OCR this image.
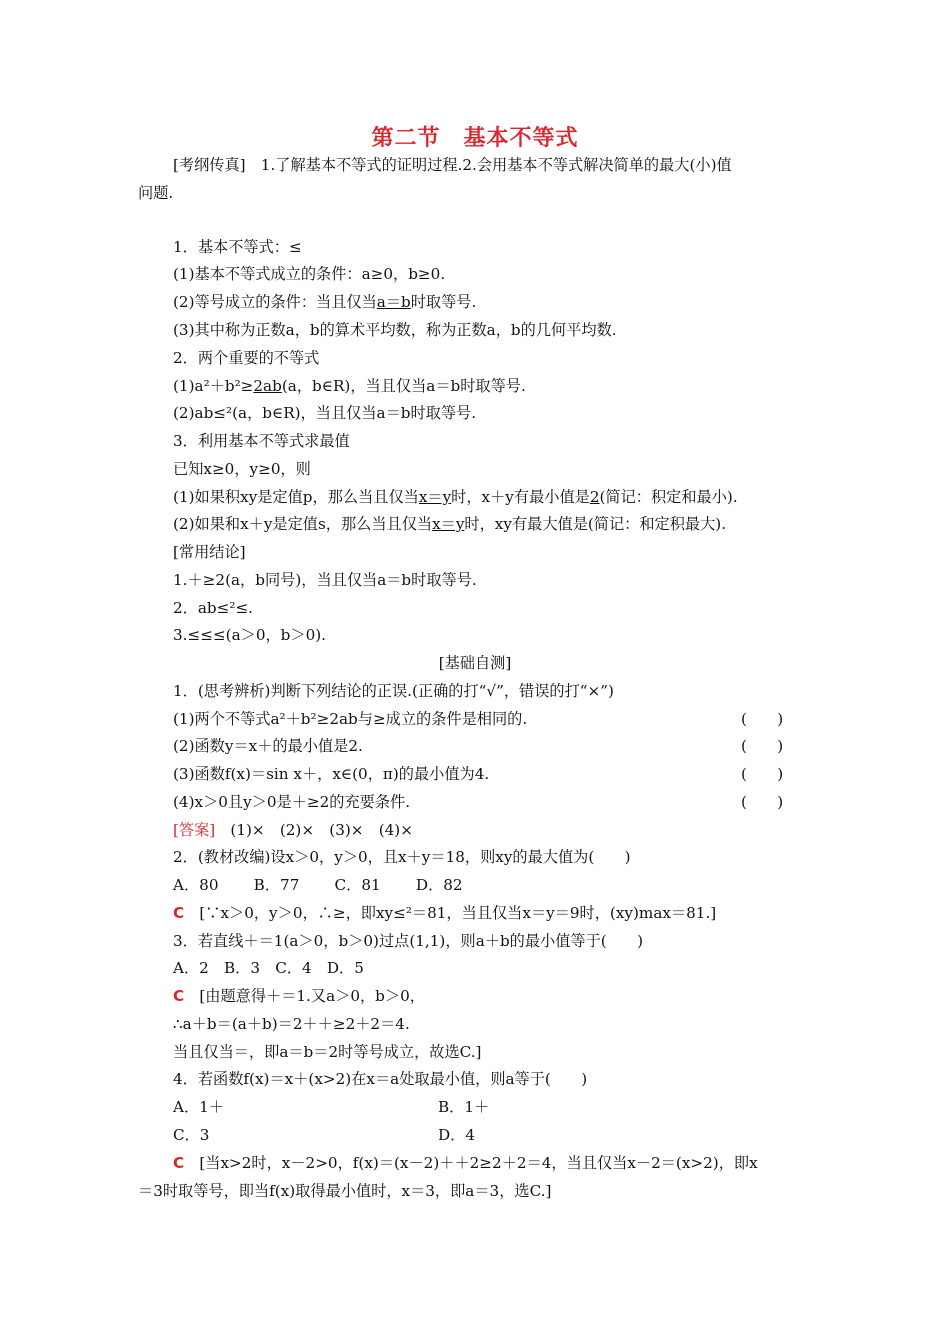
第二节　基本不等式
[考纲传真]　1.了解基本不等式的证明过程.2.会用基本不等式解决简单的最大(小)值
问题.
1．基本不等式：≤
(1)基本不等式成立的条件：a≥0，b≥0.
(2)等号成立的条件：当且仅当a＝b时取等号.
(3)其中称为正数a，b的算术平均数，称为正数a，b的几何平均数.
2．两个重要的不等式
(1)a²＋b²≥2ab(a，b∈R)，当且仅当a＝b时取等号.
(2)ab≤²(a，b∈R)，当且仅当a＝b时取等号.
3．利用基本不等式求最值
已知x≥0，y≥0，则
(1)如果积xy是定值p，那么当且仅当x＝y时，x＋y有最小值是2(简记：积定和最小).
(2)如果和x＋y是定值s，那么当且仅当x＝y时，xy有最大值是(简记：和定积最大).
[常用结论]
1.＋≥2(a，b同号)，当且仅当a＝b时取等号.
2．ab≤²≤.
3.≤≤≤(a＞0，b＞0).
[基础自测]
1．(思考辨析)判断下列结论的正误.(正确的打“√”，错误的打“×”)
(1)两个不等式a²＋b²≥2ab与≥成立的条件是相同的.	(　　)
(2)函数y＝x＋的最小值是2.	(　　)
(3)函数f(x)＝sin x＋，x∈(0，π)的最小值为4.	(　　)
(4)x＞0且y＞0是＋≥2的充要条件.	(　　)
[答案]　(1)×　(2)×　(3)×　(4)×
2．(教材改编)设x＞0，y＞0，且x＋y＝18，则xy的最大值为(　　)
A．80　　 B．77　　 C．81　　 D．82
C　[∵x＞0，y＞0，∴≥，即xy≤²＝81，当且仅当x＝y＝9时，(xy)max＝81.]
3．若直线＋＝1(a＞0，b＞0)过点(1,1)，则a＋b的最小值等于(　　)
A．2　B．3　C．4　D．5
C　[由题意得＋＝1.又a＞0，b＞0，
∴a＋b＝(a＋b)＝2＋＋≥2＋2＝4.
当且仅当＝，即a＝b＝2时等号成立，故选C.]
4．若函数f(x)＝x＋(x>2)在x＝a处取最小值，则a等于(　　)
A．1＋	B．1＋
C．3	D．4
C　[当x>2时，x－2>0，f(x)＝(x－2)＋＋2≥2＋2＝4，当且仅当x－2＝(x>2)，即x
＝3时取等号，即当f(x)取得最小值时，x＝3，即a＝3，选C.]
